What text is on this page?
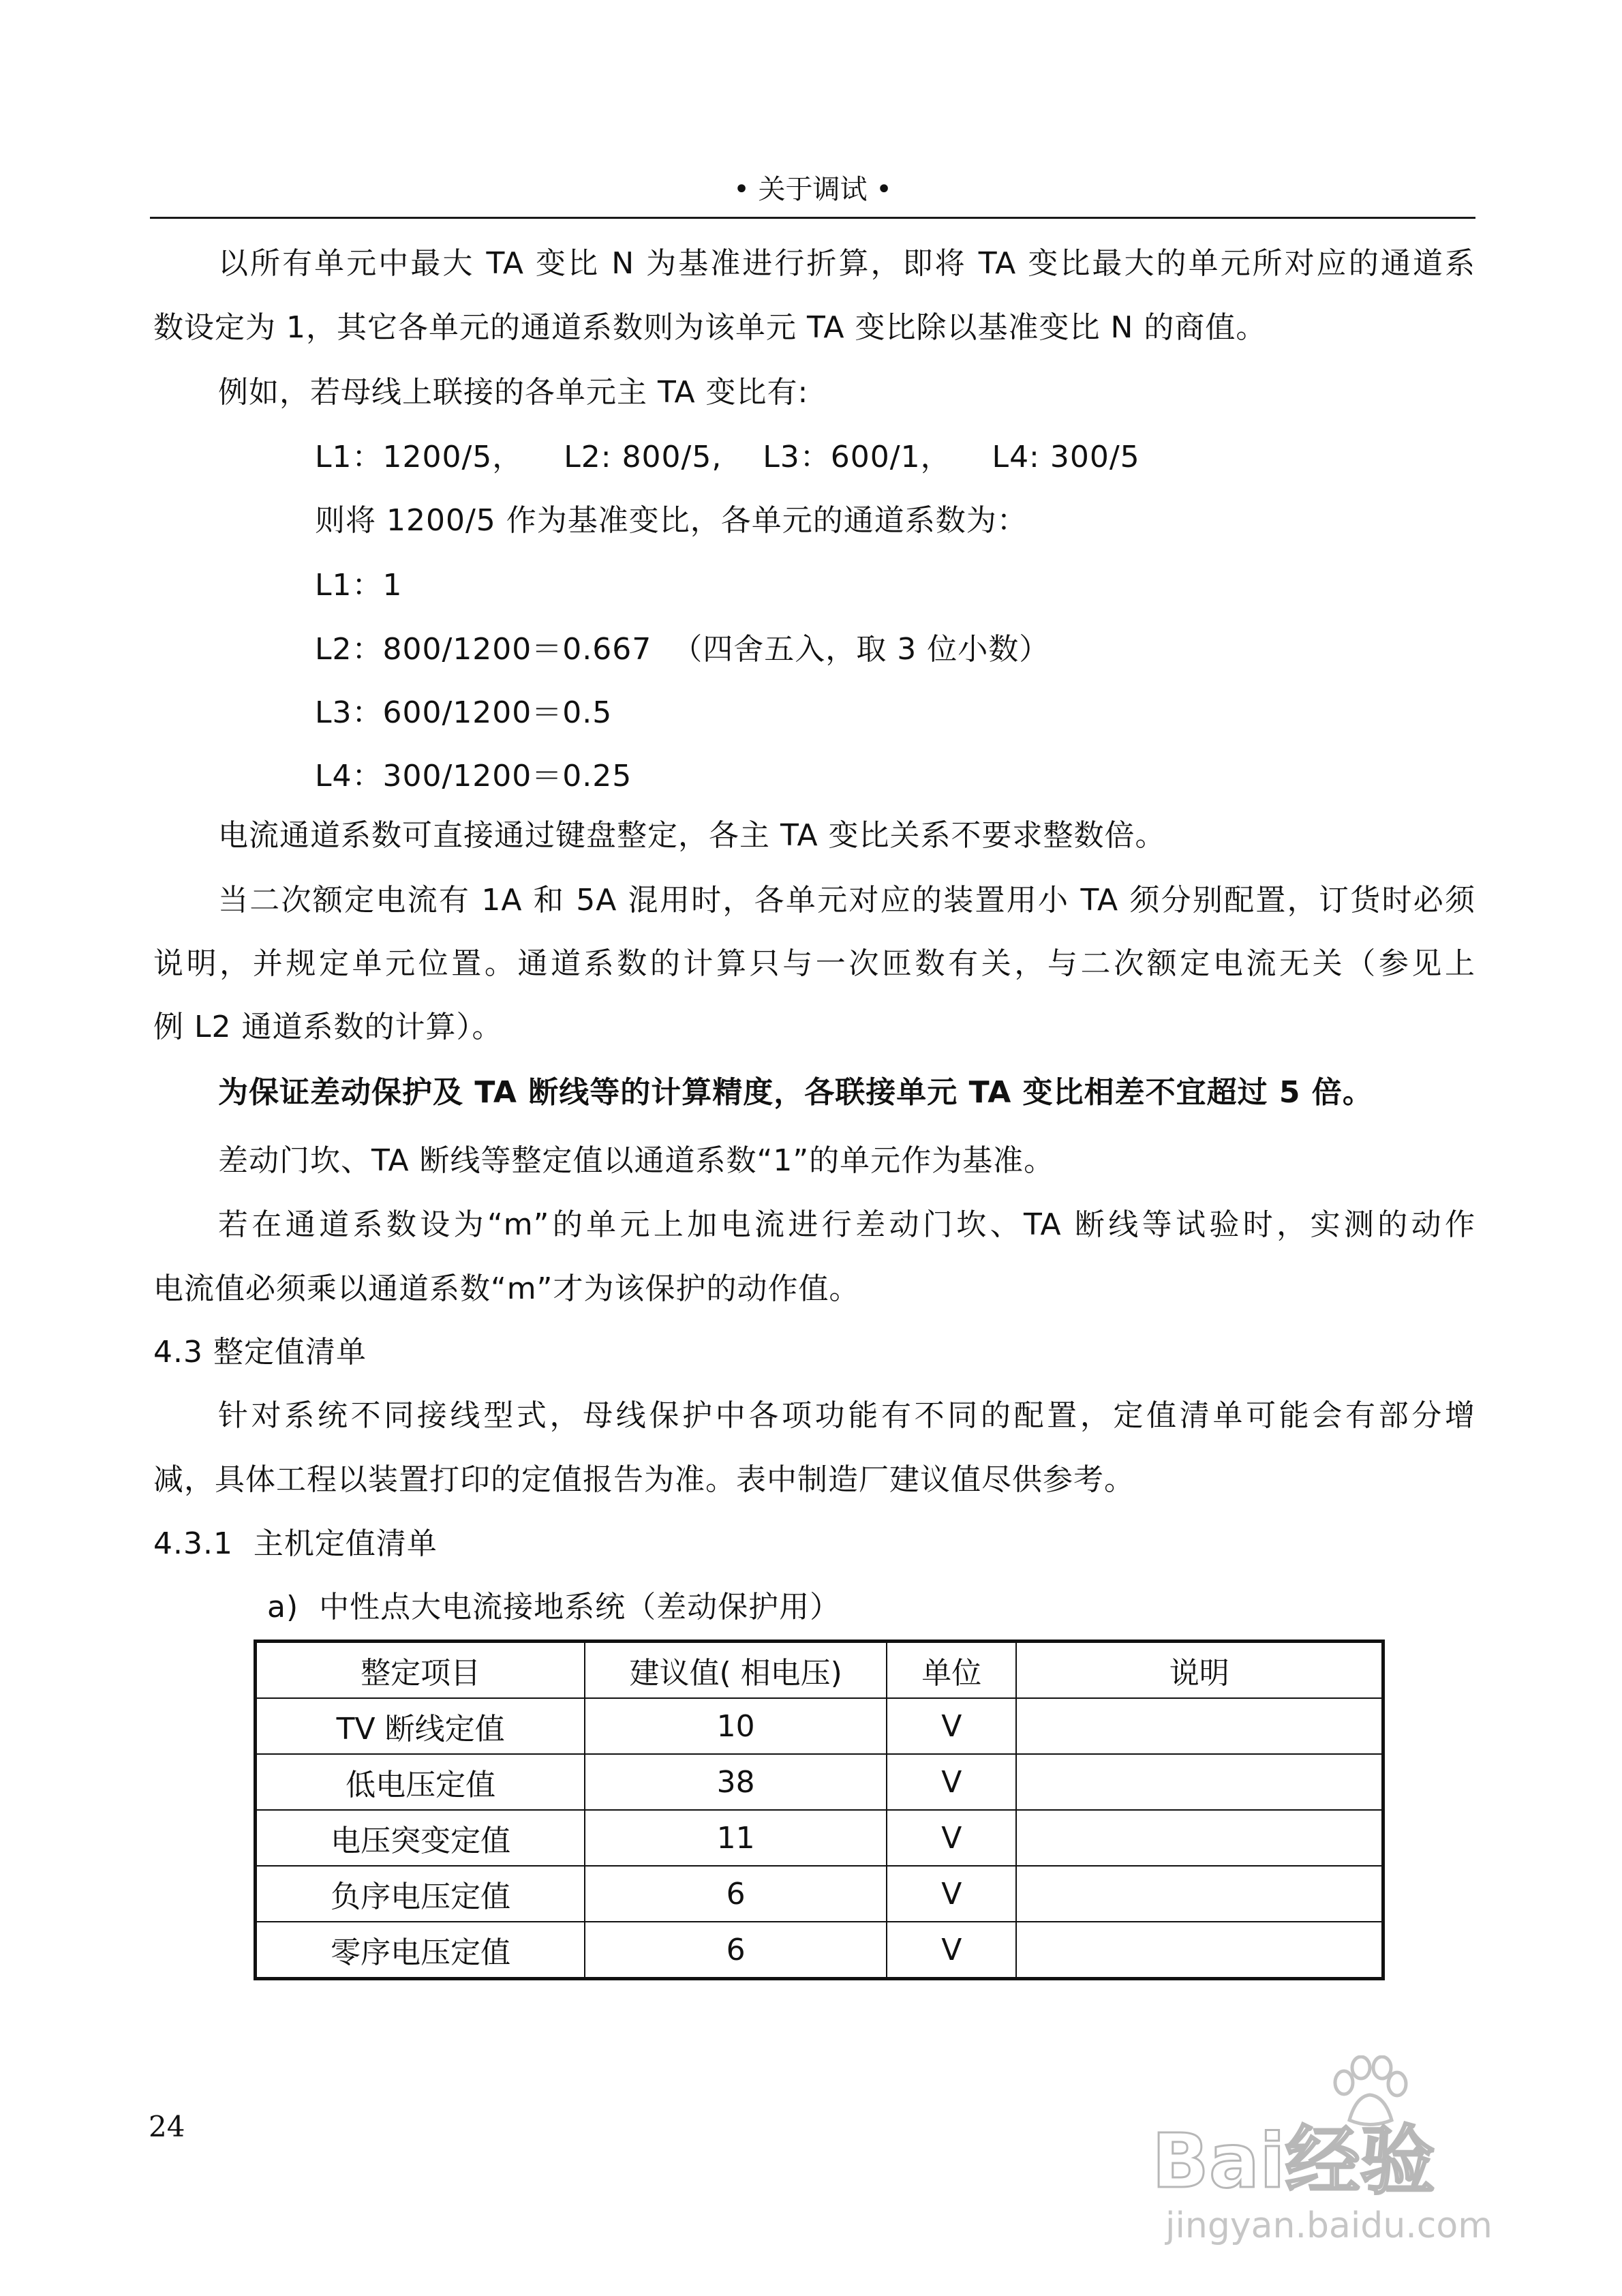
• 关于调试 •
以所有单元中最大 TA 变比 N 为基准进行折算，即将 TA 变比最大的单元所对应的通道系
数设定为 1，其它各单元的通道系数则为该单元 TA 变比除以基准变比 N 的商值。
例如，若母线上联接的各单元主 TA 变比有:
L1：1200/5，    L2: 800/5,    L3：600/1，    L4: 300/5
则将 1200/5 作为基准变比，各单元的通道系数为：
L1：1
L2：800/1200＝0.667  （四舍五入，取 3 位小数）
L3：600/1200＝0.5
L4：300/1200＝0.25
电流通道系数可直接通过键盘整定，各主 TA 变比关系不要求整数倍。
当二次额定电流有 1A 和 5A 混用时，各单元对应的装置用小 TA 须分别配置，订货时必须
说明，并规定单元位置。通道系数的计算只与一次匝数有关，与二次额定电流无关（参见上
例 L2 通道系数的计算）。
为保证差动保护及 TA 断线等的计算精度，各联接单元 TA 变比相差不宜超过 5 倍。
差动门坎、TA 断线等整定值以通道系数“1”的单元作为基准。
若在通道系数设为“m”的单元上加电流进行差动门坎、TA 断线等试验时，实测的动作
电流值必须乘以通道系数“m”才为该保护的动作值。
4.3 整定值清单
针对系统不同接线型式，母线保护中各项功能有不同的配置，定值清单可能会有部分增
减，具体工程以装置打印的定值报告为准。表中制造厂建议值尽供参考。
4.3.1  主机定值清单
a)  中性点大电流接地系统（差动保护用）
整定项目	建议值( 相电压)	单位	说明
TV 断线定值	10	V	
低电压定值	38	V	
电压突变定值	11	V	
负序电压定值	6	V	
零序电压定值	6	V	
24	Bai经验
jingyan.baidu.com
